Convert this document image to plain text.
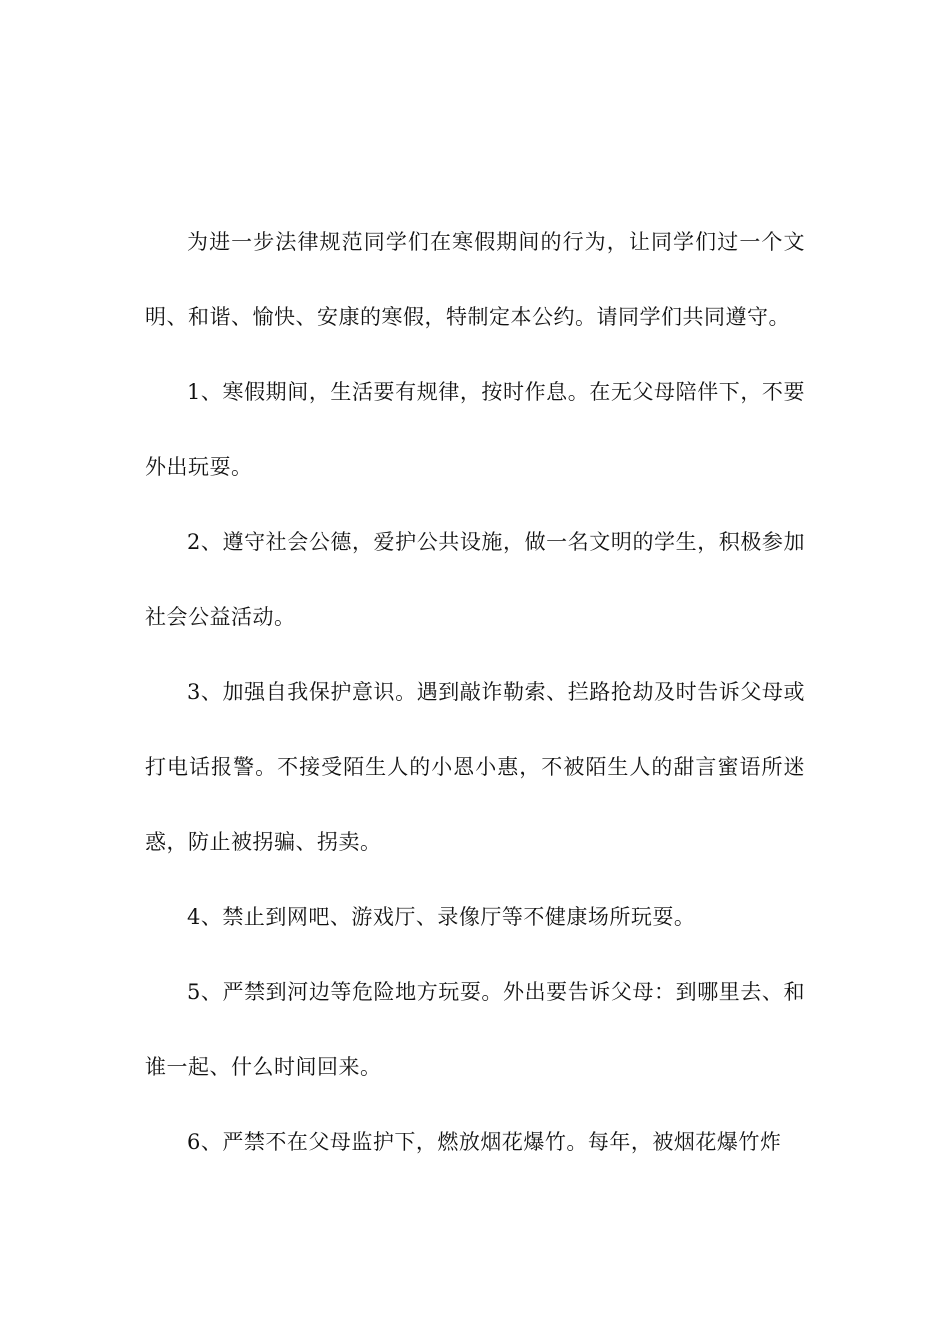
为进一步法律规范同学们在寒假期间的行为，让同学们过一个文明、和谐、愉快、安康的寒假，特制定本公约。请同学们共同遵守。

1、寒假期间，生活要有规律，按时作息。在无父母陪伴下，不要外出玩耍。

2、遵守社会公德，爱护公共设施，做一名文明的学生，积极参加社会公益活动。

3、加强自我保护意识。遇到敲诈勒索、拦路抢劫及时告诉父母或打电话报警。不接受陌生人的小恩小惠，不被陌生人的甜言蜜语所迷惑，防止被拐骗、拐卖。

4、禁止到网吧、游戏厅、录像厅等不健康场所玩耍。

5、严禁到河边等危险地方玩耍。外出要告诉父母：到哪里去、和谁一起、什么时间回来。

6、严禁不在父母监护下，燃放烟花爆竹。每年，被烟花爆竹炸
